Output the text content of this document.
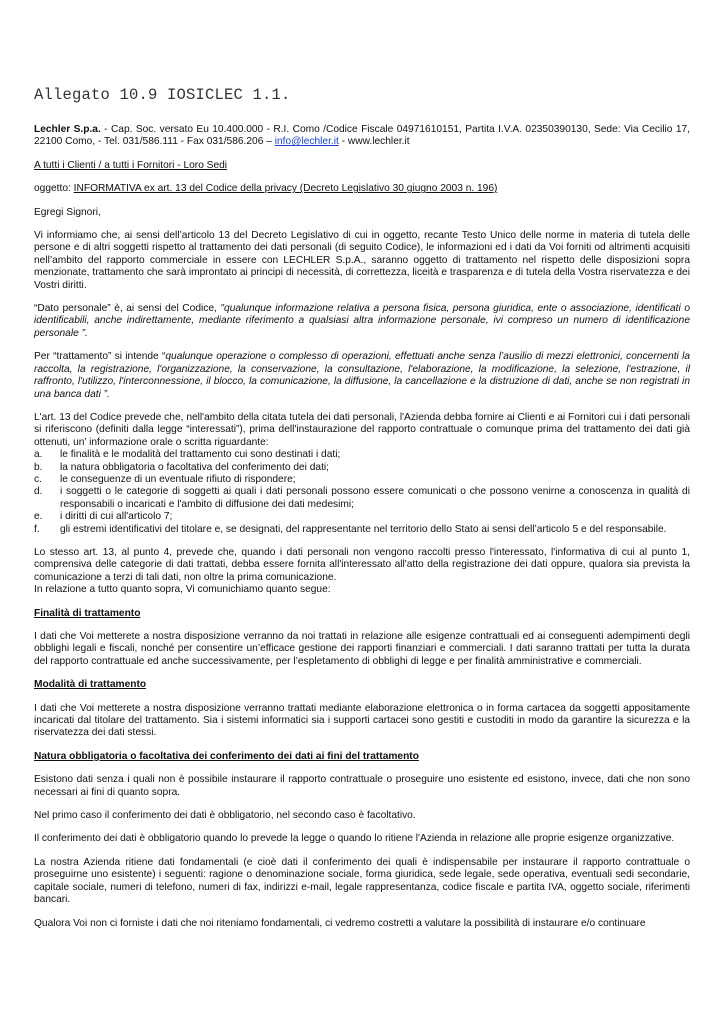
Allegato 10.9 IOSICLEC 1.1.

Lechler S.p.a. - Cap. Soc. versato Eu 10.400.000 - R.I. Como /Codice Fiscale 04971610151, Partita I.V.A. 02350390130, Sede: Via Cecilio 17, 22100 Como, - Tel. 031/586.111 - Fax 031/586.206 – info@lechler.it - www.lechler.it

A tutti i Clienti / a tutti i Fornitori - Loro Sedi

oggetto: INFORMATIVA ex art. 13 del Codice della privacy (Decreto Legislativo 30 giugno 2003 n. 196)

Egregi Signori,

Vi informiamo che, ai sensi dell’articolo 13 del Decreto Legislativo di cui in oggetto, recante Testo Unico delle norme in materia di tutela delle persone e di altri soggetti rispetto al trattamento dei dati personali (di seguito Codice), le informazioni ed i dati da Voi forniti od altrimenti acquisiti nell’ambito del rapporto commerciale in essere con LECHLER S.p.A., saranno oggetto di trattamento nel rispetto delle disposizioni sopra menzionate, trattamento che sarà improntato ai principi di necessità, di correttezza, liceità e trasparenza e di tutela della Vostra riservatezza e dei Vostri diritti.

“Dato personale” è, ai sensi del Codice, "qualunque informazione relativa a persona fisica, persona giuridica, ente o associazione, identificati o identificabili, anche indirettamente, mediante riferimento a qualsiasi altra informazione personale, ivi compreso un numero di identificazione personale ”.

Per “trattamento” si intende “qualunque operazione o complesso di operazioni, effettuati anche senza l’ausilio di mezzi elettronici, concernenti la raccolta, la registrazione, l'organizzazione, la conservazione, la consultazione, l'elaborazione, la modificazione, la selezione, l'estrazione, il raffronto, l'utilizzo, l'interconnessione, il blocco, la comunicazione, la diffusione, la cancellazione e la distruzione di dati, anche se non registrati in una banca dati ”.

L'art. 13 del Codice prevede che, nell'ambito della citata tutela dei dati personali, l'Azienda debba fornire ai Clienti e ai Fornitori cui i dati personali si riferiscono (definiti dalla legge “interessati”), prima dell'instaurazione del rapporto contrattuale o comunque prima del trattamento dei dati già ottenuti, un’ informazione orale o scritta riguardante:

a.	le finalità e le modalità del trattamento cui sono destinati i dati;
b.	la natura obbligatoria o facoltativa del conferimento dei dati;
c.	le conseguenze di un eventuale rifiuto di rispondere;
d.	i soggetti o le categorie di soggetti ai quali i dati personali possono essere comunicati o che possono venirne a conoscenza in qualità di responsabili o incaricati e l'ambito di diffusione dei dati medesimi;
e.	i diritti di cui all'articolo 7;
f.	gli estremi identificativi del titolare e, se designati, del rappresentante nel territorio dello Stato ai sensi dell’articolo 5 e del responsabile.

Lo stesso art. 13, al punto 4, prevede che, quando i dati personali non vengono raccolti presso l'interessato, l'informativa di cui al punto 1, comprensiva delle categorie di dati trattati, debba essere fornita all'interessato all'atto della registrazione dei dati oppure, qualora sia prevista la comunicazione a terzi di tali dati, non oltre la prima comunicazione.

In relazione a tutto quanto sopra, Vi comunichiamo quanto segue:

Finalità di trattamento

I dati che Voi metterete a nostra disposizione verranno da noi trattati in relazione alle esigenze contrattuali ed ai conseguenti adempimenti degli obblighi legali e fiscali, nonché per consentire un’efficace gestione dei rapporti finanziari e commerciali. I dati saranno trattati per tutta la durata del rapporto contrattuale ed anche successivamente, per l’espletamento di obblighi di legge e per finalità amministrative e commerciali.

Modalità di trattamento

I dati che Voi metterete a nostra disposizione verranno trattati mediante elaborazione elettronica o in forma cartacea da soggetti appositamente incaricati dal titolare del trattamento. Sia i sistemi informatici sia i supporti cartacei sono gestiti e custoditi in modo da garantire la sicurezza e la riservatezza dei dati stessi.

Natura obbligatoria o facoltativa dei conferimento dei dati ai fini del trattamento

Esistono dati senza i quali non è possibile instaurare il rapporto contrattuale o proseguire uno esistente ed esistono, invece, dati che non sono necessari ai fini di quanto sopra.

Nel primo caso il conferimento dei dati è obbligatorio, nel secondo caso è facoltativo.

Il conferimento dei dati è obbligatorio quando lo prevede la legge o quando lo ritiene l'Azienda in relazione alle proprie esigenze organizzative.

La nostra Azienda ritiene dati fondamentali (e cioè dati il conferimento dei quali è indispensabile per instaurare il rapporto contrattuale o proseguirne uno esistente) i seguenti: ragione o denominazione sociale, forma giuridica, sede legale, sede operativa, eventuali sedi secondarie, capitale sociale, numeri di telefono, numeri di fax, indirizzi e-mail, legale rappresentanza, codice fiscale e partita IVA, oggetto sociale, riferimenti bancari.

Qualora Voi non ci forniste i dati che noi riteniamo fondamentali, ci vedremo costretti a valutare la possibilità di instaurare e/o continuare
